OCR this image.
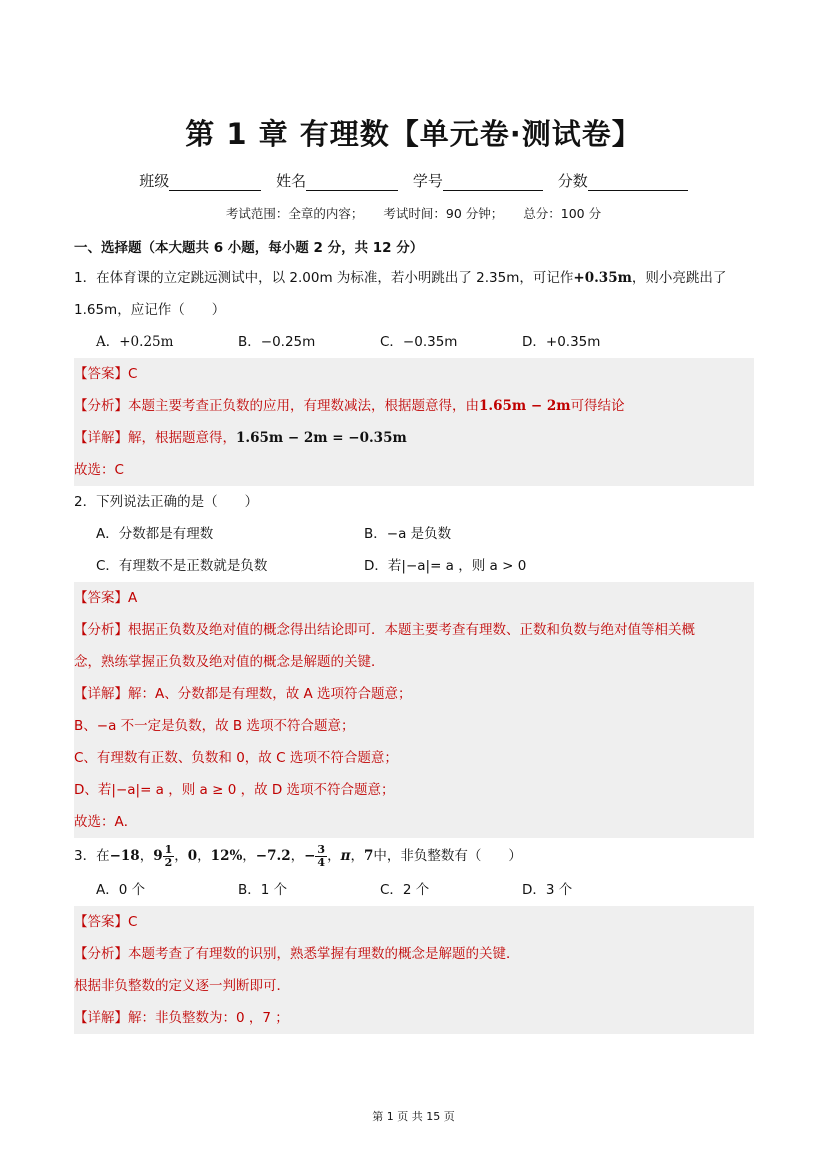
第 1 章 有理数【单元卷·测试卷】
班级	姓名	学号	分数
考试范围：全章的内容； 考试时间：90 分钟； 总分：100 分
一、选择题（本大题共 6 小题，每小题 2 分，共 12 分）
1．在体育课的立定跳远测试中，以 2.00m 为标准，若小明跳出了 2.35m，可记作+0.35m，则小亮跳出了
1.65m，应记作（　　）
A．+0.25m	B．−0.25m	C．−0.35m	D．+0.35m
【答案】C
【分析】本题主要考查正负数的应用，有理数减法，根据题意得，由1.65m − 2m可得结论
【详解】解，根据题意得，1.65m − 2m = −0.35m
故选：C
2．下列说法正确的是（　　）
A．分数都是有理数	B．−a 是负数
C．有理数不是正数就是负数	D．若|−a|= a ，则 a > 0
【答案】A
【分析】根据正负数及绝对值的概念得出结论即可．本题主要考查有理数、正数和负数与绝对值等相关概
念，熟练掌握正负数及绝对值的概念是解题的关键．
【详解】解：A、分数都是有理数，故 A 选项符合题意；
B、−a 不一定是负数，故 B 选项不符合题意；
C、有理数有正数、负数和 0，故 C 选项不符合题意；
D、若|−a|= a ，则 a ≥ 0 ，故 D 选项不符合题意；
故选：A．
3．在−18，$9 \frac{1}{2}$ ，0，12%，−7.2，− $\frac{3}{4}$ ，π，7中，非负整数有（　　）
A．0 个	B．1 个	C．2 个	D．3 个
【答案】C
【分析】本题考查了有理数的识别，熟悉掌握有理数的概念是解题的关键．
根据非负整数的定义逐一判断即可．
【详解】解：非负整数为：0 ，7 ；
第 1 页 共 15 页
